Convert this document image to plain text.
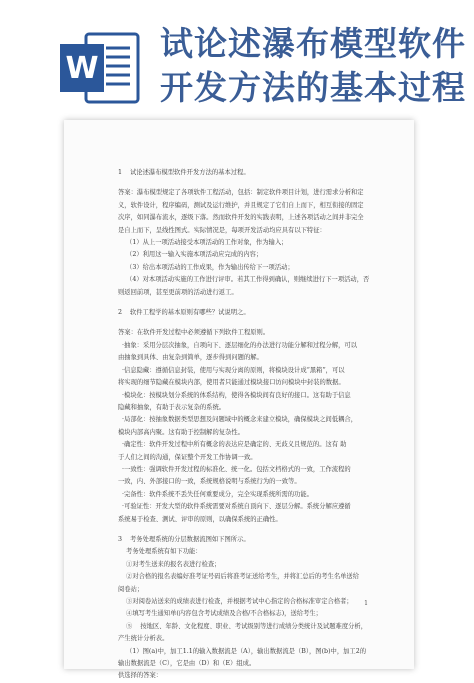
W
试论述瀑布模型软件开发方法的基本过程

1    试论述瀑布模型软件开发方法的基本过程。

答案：瀑布模型规定了各项软件工程活动，包括：制定软件项目计划，进行需求分析和定

义，软件设计，程序编码，测试及运行维护，并且规定了它们自上而下，相互衔接的固定

次序，如同瀑布流水，逐级下落。然而软件开发的实践表明，上述各项活动之间并非完全

是自上而下，呈线性图式。实际情况是，每项开发活动均应具有以下特征：

（1）从上一项活动接受本项活动的工作对象，作为输入；

（2）利用这一输入实施本项活动应完成的内容；

（3）给出本项活动的工作成果，作为输出传给下一项活动；

（4）对本项活动实施的工作进行评审。若其工作得到确认，则继续进行下一项活动，否

则返回前项，甚至更前项的活动进行返工。

2    软件工程学的基本原则有哪些？试说明之。

答案：在软件开发过程中必须遵循下列软件工程原则。

·抽象：采用分层次抽象，自项向下、逐层细化的办法进行功能分解和过程分解，可以

由抽象到具体、由复杂到简单，逐步得到问题的解。

·信息隐藏：遵循信息封装，使用与实现分离的原则，将模块设计成“黑箱”，可以

将实现的细节隐藏在模块内部，使用者只能通过模块接口访问模块中封装的数据。

·模块化：按模块划分系统的体系结构，使得各模块间有良好的接口。这有助于信息

隐藏和抽象，有助于表示复杂的系统。

·局部化：按抽象数据类型思想及问题域中的概念来建立模块，确保模块之间低耦合，

模块内部高内聚。这有助于控制解的复杂性。

·确定性：软件开发过程中所有概念的表达应是确定的、无歧义且规范的。这有 助

于人们之间的沟通，保证整个开发工作协调一致。

·一致性：强调软件开发过程的标准化、统一化。包括文档格式的一致，工作流程的

一致，内、外部接口的一致，系统规格说明与系统行为的一致等。

·完备性：软件系统不丢失任何重要成分，完全实现系统所需的功能。

·可验证性：开发大型的软件系统需要对系统自顶向下、逐层分解。系统分解应遵循

系统易于检查、测试、评审的原则，以确保系统的正确性。

3    考务处理系统的分层数据流图如下图所示。

考务处理系统有如下功能：

①对考生送来的报名表进行检查；

②对合格的报名表编好准考证号码后将准考证送给考生，并将汇总后的考生名单送给

阅卷站；

③对阅卷站送来的成绩表进行检查，并根据考试中心指定的合格标准审定合格者；

④填写考生通知单(内容包含考试成绩及合格/不合格标志)，送给考生；

⑤    按地区、年龄、文化程度、职业、考试级别等进行成绩分类统计及试题难度分析，

产生统计分析表。

（1）图(a)中，加工1.1的输入数据流是（A），输出数据流是（B），图(b)中，加工2的

输出数据流是（C），它是由（D）和（E）组成。

供选择的答案：

1
